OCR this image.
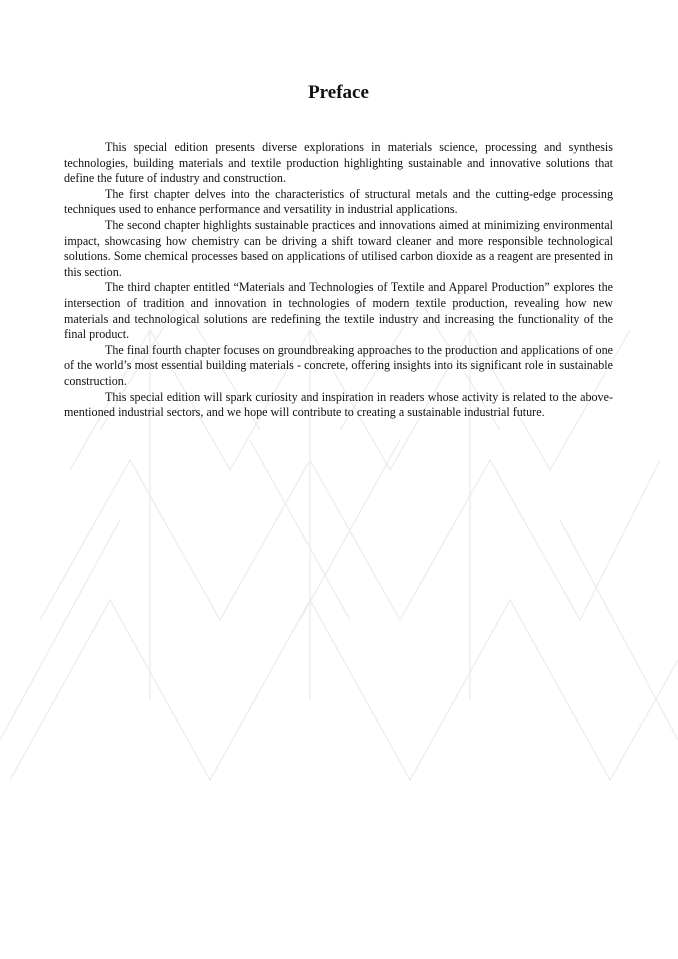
Preface

This special edition presents diverse explorations in materials science, processing and synthesis technologies, building materials and textile production highlighting sustainable and innovative solutions that define the future of industry and construction.

The first chapter delves into the characteristics of structural metals and the cutting-edge processing techniques used to enhance performance and versatility in industrial applications.

The second chapter highlights sustainable practices and innovations aimed at minimizing environmental impact, showcasing how chemistry can be driving a shift toward cleaner and more responsible technological solutions. Some chemical processes based on applications of utilised carbon dioxide as a reagent are presented in this section.

The third chapter entitled “Materials and Technologies of Textile and Apparel Production” explores the intersection of tradition and innovation in technologies of modern textile production, revealing how new materials and technological solutions are redefining the textile industry and increasing the functionality of the final product.

The final fourth chapter focuses on groundbreaking approaches to the production and applications of one of the world’s most essential building materials - concrete, offering insights into its significant role in sustainable construction.

This special edition will spark curiosity and inspiration in readers whose activity is related to the above-mentioned industrial sectors, and we hope will contribute to creating a sustainable industrial future.
